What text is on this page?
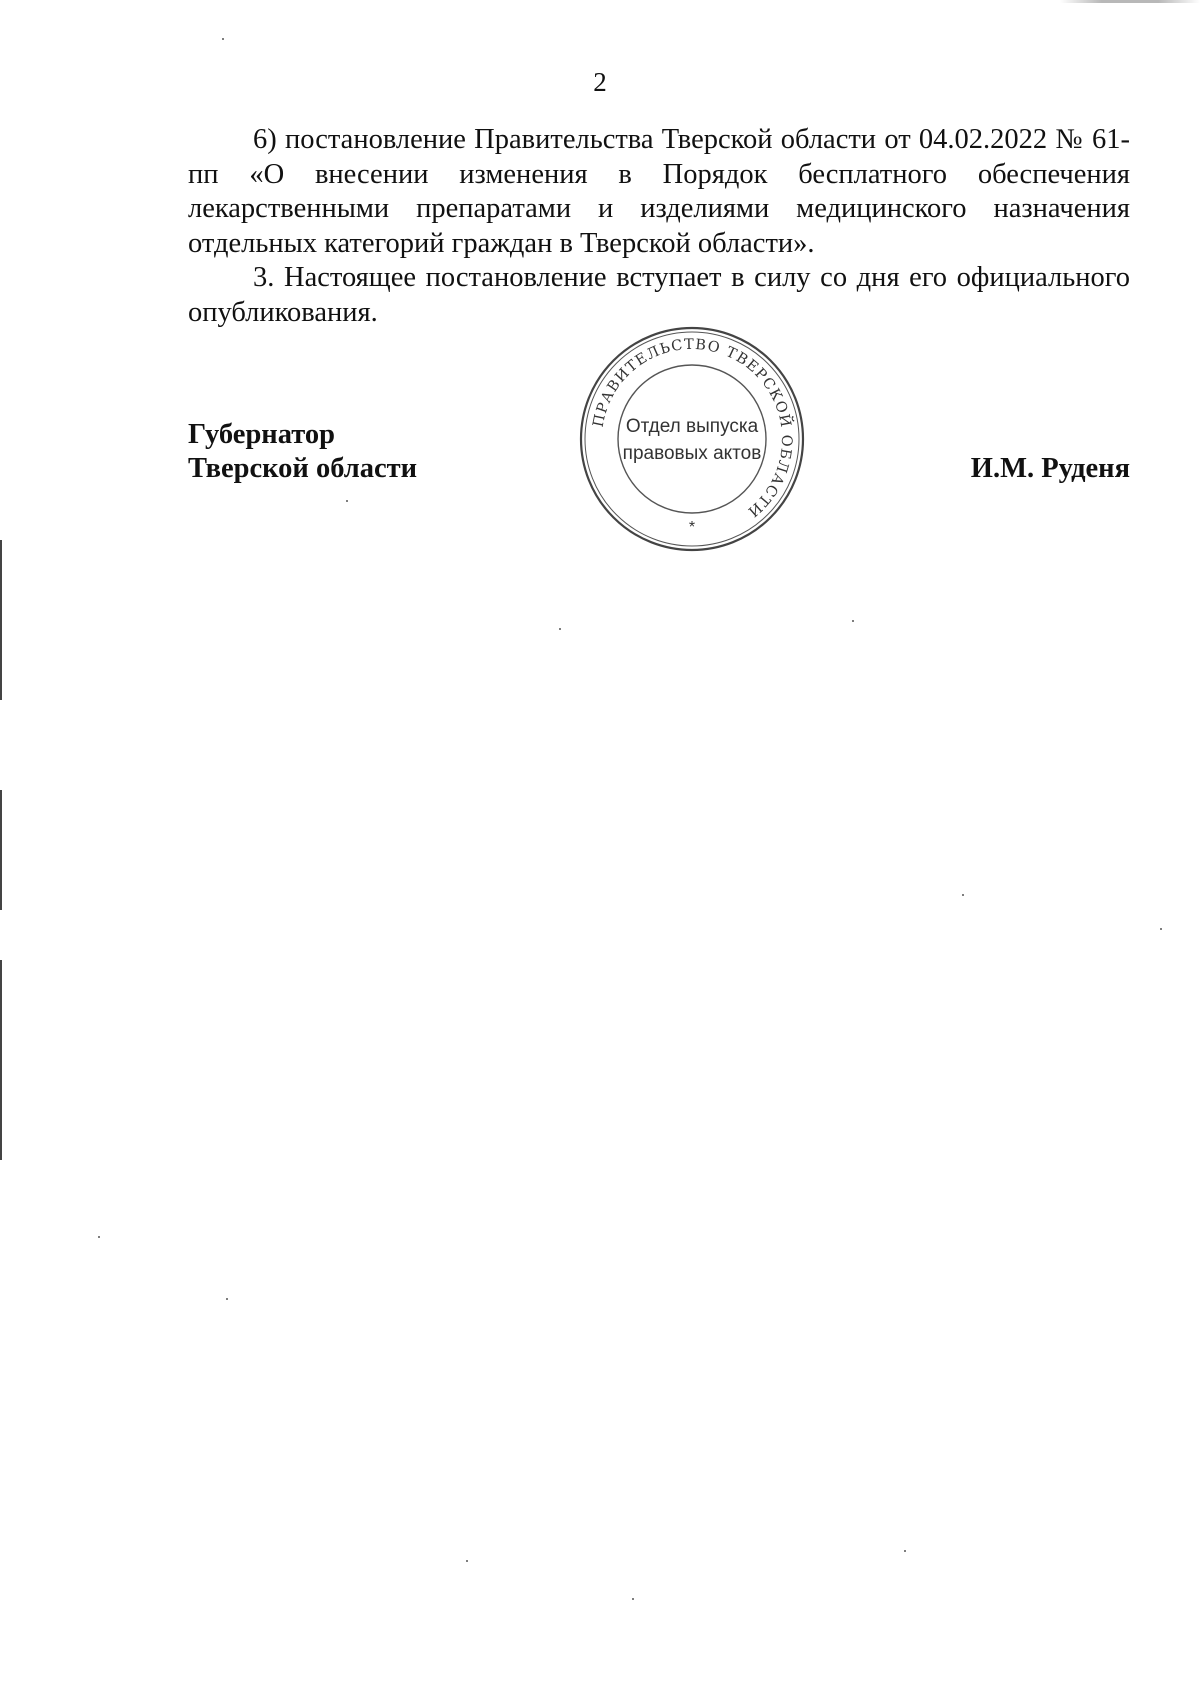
2

6) постановление Правительства Тверской области от 04.02.2022 № 61-пп «О внесении изменения в Порядок бесплатного обеспечения лекарственными препаратами и изделиями медицинского назначения отдельных категорий граждан в Тверской области».

3. Настоящее постановление вступает в силу со дня его официального опубликования.

Губернатор
Тверской области	И.М. Руденя
ПРАВИТЕЛЬСТВО ТВЕРСКОЙ ОБЛАСТИ
Отдел выпуска
правовых актов
*
